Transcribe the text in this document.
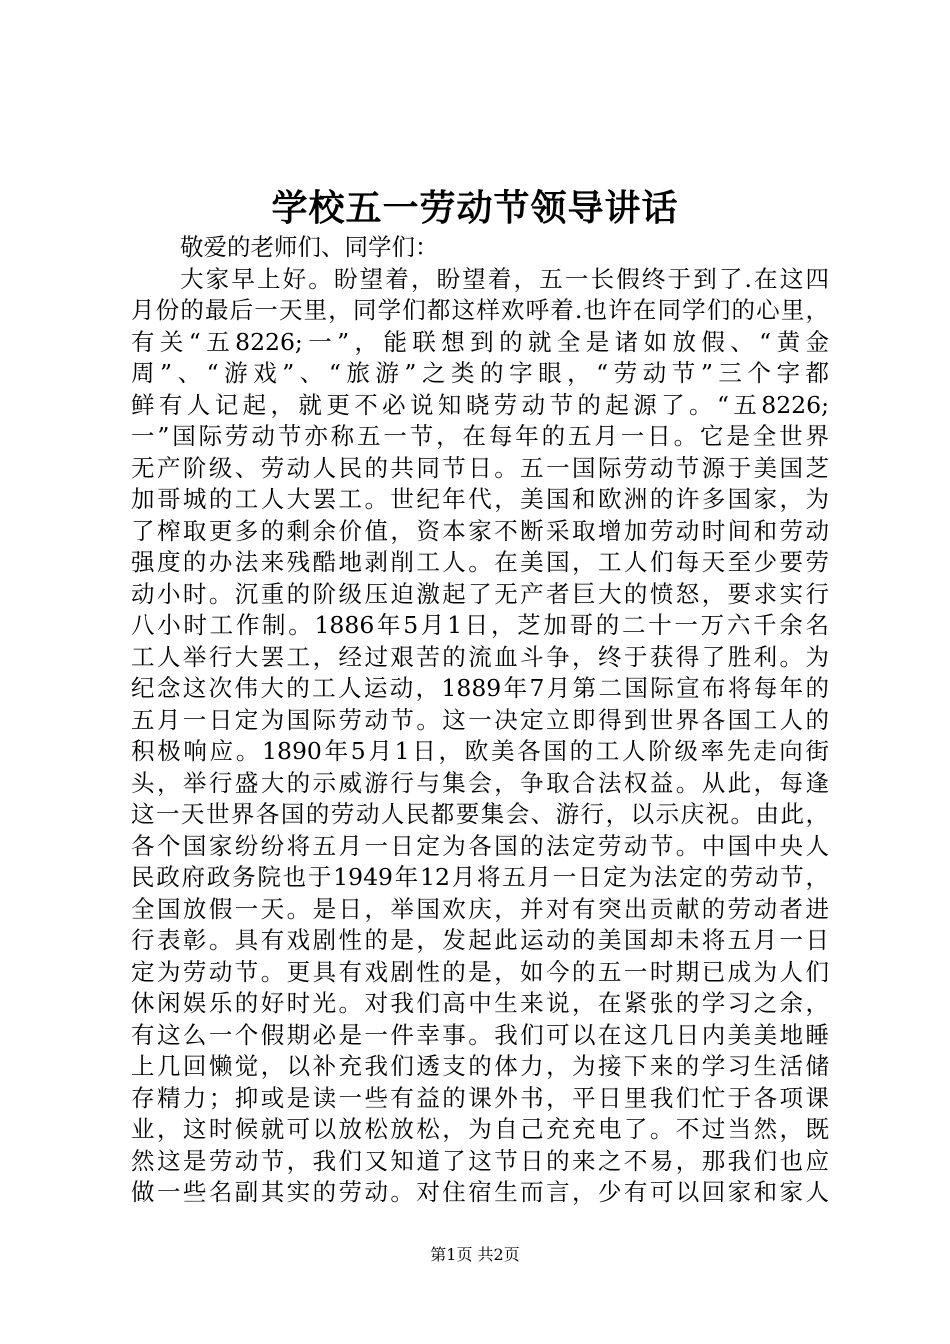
学校五一劳动节领导讲话
敬爱的老师们、同学们：
大家早上好。盼望着，盼望着，五一长假终于到了.在这四
月份的最后一天里，同学们都这样欢呼着.也许在同学们的心里，
有关“五8226;一”，能联想到的就全是诸如放假、“黄金
周”、“游戏”、“旅游”之类的字眼，“劳动节”三个字都
鲜有人记起，就更不必说知晓劳动节的起源了。“五8226;
一”国际劳动节亦称五一节，在每年的五月一日。它是全世界
无产阶级、劳动人民的共同节日。五一国际劳动节源于美国芝
加哥城的工人大罢工。世纪年代，美国和欧洲的许多国家，为
了榨取更多的剩余价值，资本家不断采取增加劳动时间和劳动
强度的办法来残酷地剥削工人。在美国，工人们每天至少要劳
动小时。沉重的阶级压迫激起了无产者巨大的愤怒，要求实行
八小时工作制。1886年5月1日，芝加哥的二十一万六千余名
工人举行大罢工，经过艰苦的流血斗争，终于获得了胜利。为
纪念这次伟大的工人运动，1889年7月第二国际宣布将每年的
五月一日定为国际劳动节。这一决定立即得到世界各国工人的
积极响应。1890年5月1日，欧美各国的工人阶级率先走向街
头，举行盛大的示威游行与集会，争取合法权益。从此，每逢
这一天世界各国的劳动人民都要集会、游行，以示庆祝。由此，
各个国家纷纷将五月一日定为各国的法定劳动节。中国中央人
民政府政务院也于1949年12月将五月一日定为法定的劳动节，
全国放假一天。是日，举国欢庆，并对有突出贡献的劳动者进
行表彰。具有戏剧性的是，发起此运动的美国却未将五月一日
定为劳动节。更具有戏剧性的是，如今的五一时期已成为人们
休闲娱乐的好时光。对我们高中生来说，在紧张的学习之余，
有这么一个假期必是一件幸事。我们可以在这几日内美美地睡
上几回懒觉，以补充我们透支的体力，为接下来的学习生活储
存精力；抑或是读一些有益的课外书，平日里我们忙于各项课
业，这时候就可以放松放松，为自己充充电了。不过当然，既
然这是劳动节，我们又知道了这节日的来之不易，那我们也应
做一些名副其实的劳动。对住宿生而言，少有可以回家和家人
第1页 共2页
